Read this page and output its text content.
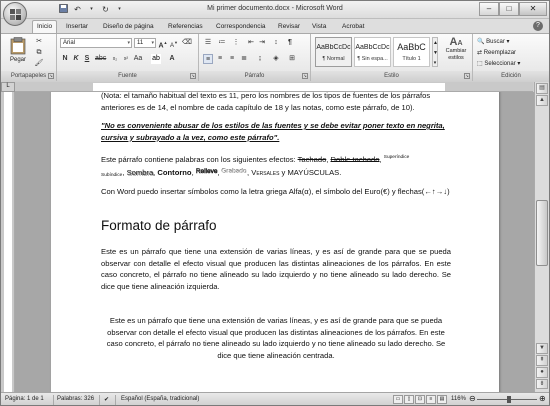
↶	▾	↻	▾	Mi primer documento.docx - Microsoft Word	–	□	✕
Inicio	Insertar	Diseño de página	Referencias	Correspondencia	Revisar	Vista	Acrobat	?
Pegar
✂
⧉
🖌
Portapapeles ↘
Arial	▾	11 ▾ A▲
A▼ ⌫
N K S abc	x₂	x² Aa ab	A
Fuente	↘
☰ ≔ ⋮ ⇤ ⇥	↕	¶
≡	≡	≡	≣	↨	◈	⊞
Párrafo	↘
AaBbCcDc
¶ Normal
AaBbCcDc
¶ Sin espa...
AaBbC
Título 1
▲
▼
▾
AA
Cambiar estilos
Estilo	↘
🔍 Buscar ▾
⇄ Reemplazar
⬚ Seleccionar ▾
Edición
L
(Nota: el tamaño habitual del texto es 11, pero los nombres de los tipos de fuentes de los párrafos anteriores es de 14, el nombre de cada capítulo de 18 y las notas, como este párrafo, de 10).
"No es conveniente abusar de los estilos de las fuentes y se debe evitar poner texto en negrita, cursiva y subrayado a la vez, como este párrafo".
Este párrafo contiene palabras con los siguientes efectos: Tachado, Doble tachado, $^{Superíndice}$
$_{Subíndice}$, Sombra, Contorno, Relieve, Grabado, Versales y MAYÚSCULAS.
Con Word puedo insertar símbolos como la letra griega Alfa(α), el símbolo del Euro(€) y flechas(←↑→↓)
Formato de párrafo
Este es un párrafo que tiene una extensión de varias líneas, y es así de grande para que se pueda observar con detalle el efecto visual que producen las distintas alineaciones de los párrafos. En este caso concreto, el párrafo no tiene alineado su lado izquierdo y no tiene alineado su lado derecho. Se dice que tiene alineación izquierda.
Este es un párrafo que tiene una extensión de varias líneas, y es así de grande para que se pueda observar con detalle el efecto visual que producen las distintas alineaciones de los párrafos. En este caso concreto, el párrafo no tiene alineado su lado izquierdo y no tiene alineado su lado derecho. Se dice que tiene alineación centrada.
▤
▲
▼
⇞
●
⇟
Página: 1 de 1 Palabras: 326 ✔ Español (España, tradicional)	▭	▯	⊡	≡	▤	116% ⊖	⊕
